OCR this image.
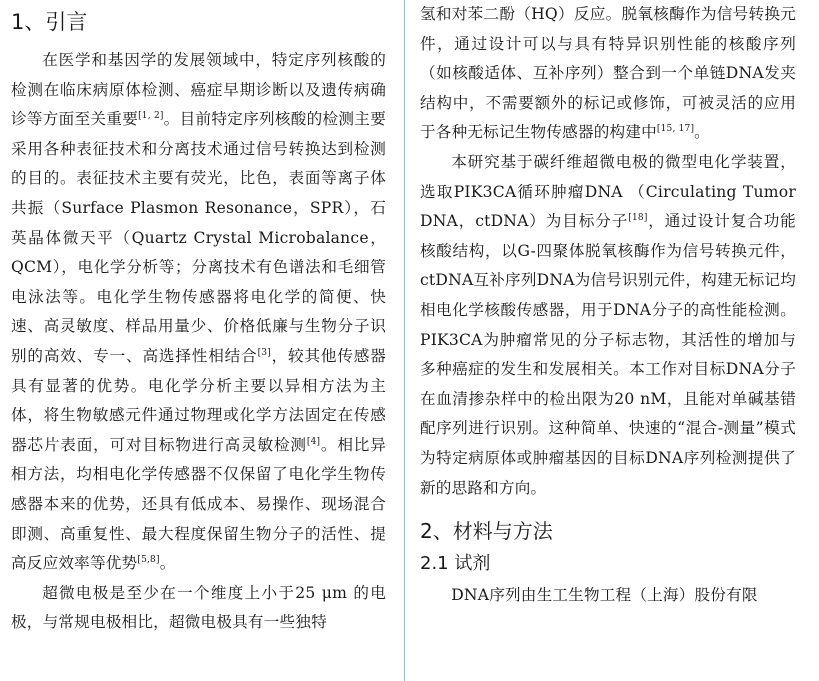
1、引言

在医学和基因学的发展领域中，特定序列核酸的检测在临床病原体检测、癌症早期诊断以及遗传病确诊等方面至关重要[1, 2]。目前特定序列核酸的检测主要采用各种表征技术和分离技术通过信号转换达到检测的目的。表征技术主要有荧光，比色，表面等离子体共振（Surface Plasmon Resonance，SPR），石英晶体微天平（Quartz Crystal Microbalance，QCM），电化学分析等；分离技术有色谱法和毛细管电泳法等。电化学生物传感器将电化学的简便、快速、高灵敏度、样品用量少、价格低廉与生物分子识别的高效、专一、高选择性相结合[3]，较其他传感器具有显著的优势。电化学分析主要以异相方法为主体，将生物敏感元件通过物理或化学方法固定在传感器芯片表面，可对目标物进行高灵敏检测[4]。相比异相方法，均相电化学传感器不仅保留了电化学生物传感器本来的优势，还具有低成本、易操作、现场混合即测、高重复性、最大程度保留生物分子的活性、提高反应效率等优势[5,8]。

超微电极是至少在一个维度上小于25 μm 的电极，与常规电极相比，超微电极具有一些独特

氢和对苯二酚（HQ）反应。脱氧核酶作为信号转换元件，通过设计可以与具有特异识别性能的核酸序列（如核酸适体、互补序列）整合到一个单链DNA发夹结构中，不需要额外的标记或修饰，可被灵活的应用于各种无标记生物传感器的构建中[15, 17]。

本研究基于碳纤维超微电极的微型电化学装置，选取PIK3CA循环肿瘤DNA （Circulating Tumor DNA，ctDNA）为目标分子[18]，通过设计复合功能核酸结构，以G-四聚体脱氧核酶作为信号转换元件，ctDNA互补序列DNA为信号识别元件，构建无标记均相电化学核酸传感器，用于DNA分子的高性能检测。PIK3CA为肿瘤常见的分子标志物，其活性的增加与多种癌症的发生和发展相关。本工作对目标DNA分子在血清掺杂样中的检出限为20 nM，且能对单碱基错配序列进行识别。这种简单、快速的“混合-测量”模式为特定病原体或肿瘤基因的目标DNA序列检测提供了新的思路和方向。

2、材料与方法
2.1 试剂

DNA序列由生工生物工程（上海）股份有限
